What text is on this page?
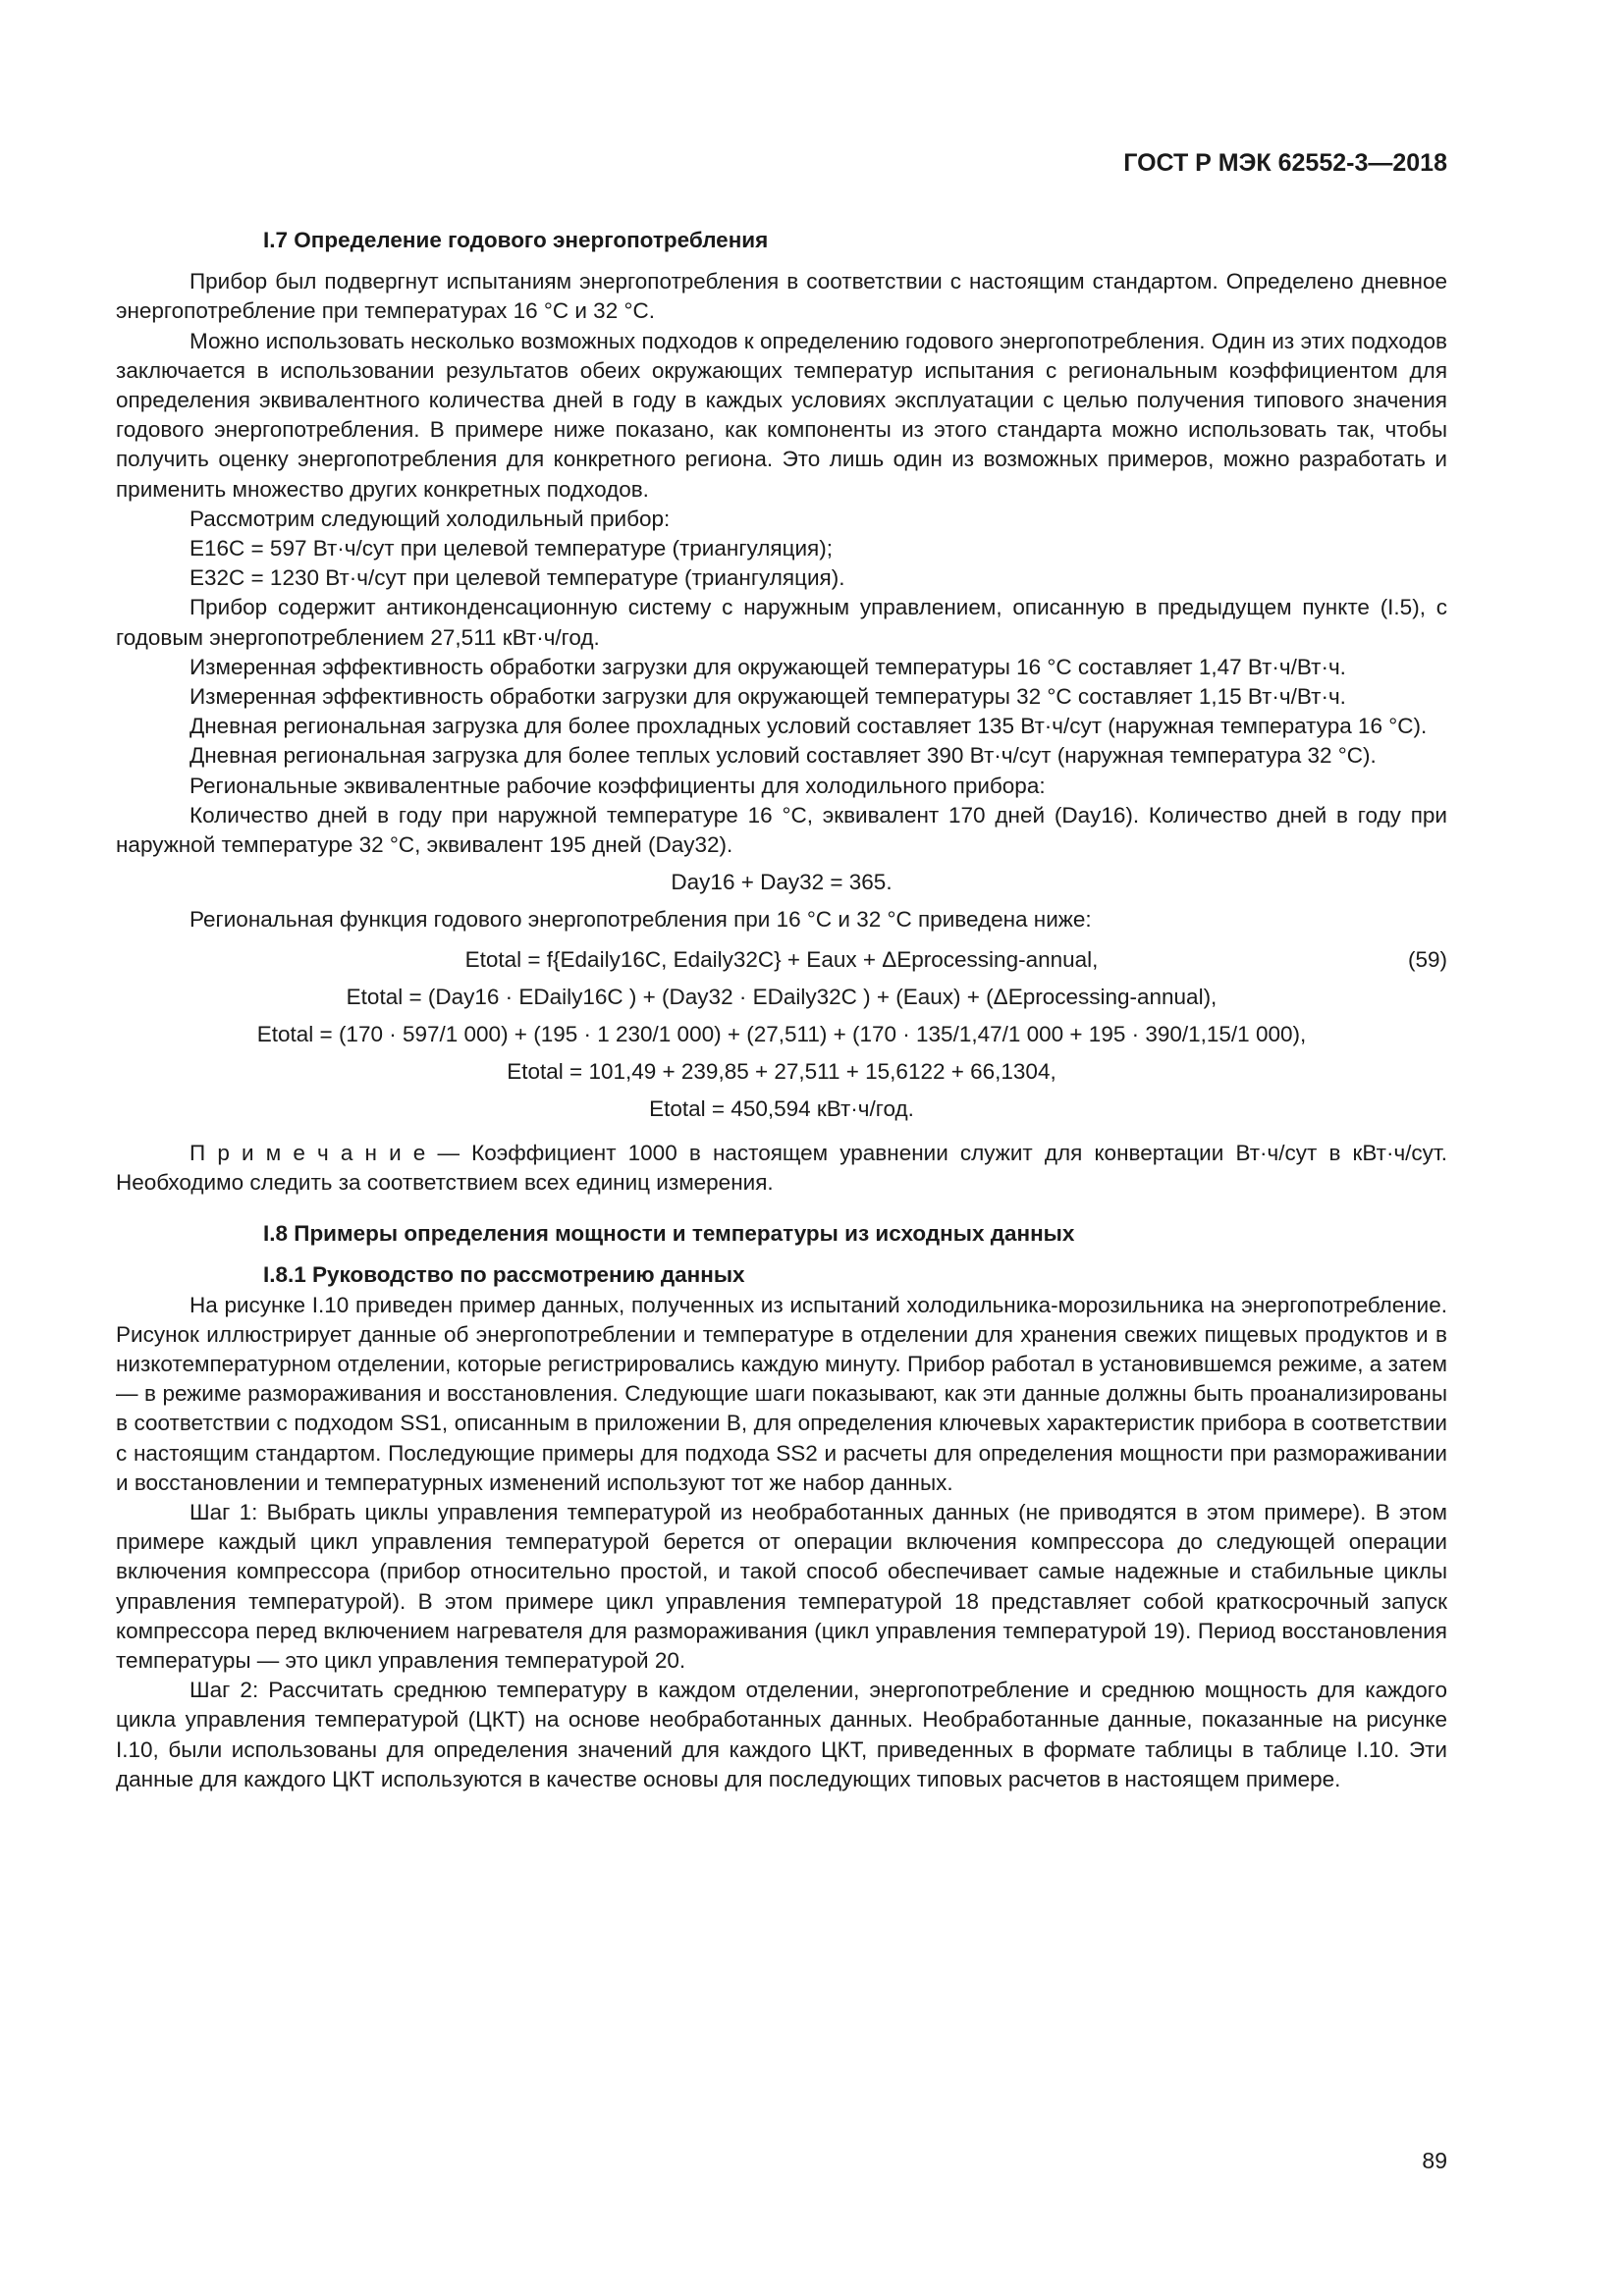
ГОСТ Р МЭК 62552-3—2018

I.7 Определение годового энергопотребления

Прибор был подвергнут испытаниям энергопотребления в соответствии с настоящим стандартом. Определено дневное энергопотребление при температурах 16 °С и 32 °С.

Можно использовать несколько возможных подходов к определению годового энергопотребления. Один из этих подходов заключается в использовании результатов обеих окружающих температур испытания с региональным коэффициентом для определения эквивалентного количества дней в году в каждых условиях эксплуатации с целью получения типового значения годового энергопотребления. В примере ниже показано, как компоненты из этого стандарта можно использовать так, чтобы получить оценку энергопотребления для конкретного региона. Это лишь один из возможных примеров, можно разработать и применить множество других конкретных подходов.

Рассмотрим следующий холодильный прибор:

E16C = 597 Вт·ч/сут при целевой температуре (триангуляция);

E32C = 1230 Вт·ч/сут при целевой температуре (триангуляция).

Прибор содержит антиконденсационную систему с наружным управлением, описанную в предыдущем пункте (I.5), с годовым энергопотреблением 27,511 кВт·ч/год.

Измеренная эффективность обработки загрузки для окружающей температуры 16 °С составляет 1,47 Вт·ч/Вт·ч.

Измеренная эффективность обработки загрузки для окружающей температуры 32 °С составляет 1,15 Вт·ч/Вт·ч.

Дневная региональная загрузка для более прохладных условий составляет 135 Вт·ч/сут (наружная температура 16 °С).

Дневная региональная загрузка для более теплых условий составляет 390 Вт·ч/сут (наружная температура 32 °С).

Региональные эквивалентные рабочие коэффициенты для холодильного прибора:

Количество дней в году при наружной температуре 16 °С, эквивалент 170 дней (Day16). Количество дней в году при наружной температуре 32 °С, эквивалент 195 дней (Day32).

Day16 + Day32 = 365.

Региональная функция годового энергопотребления при 16 °С и 32 °С приведена ниже:

Etotal = f{Edaily16C, Edaily32C} + Eaux + ΔEprocessing-annual,	(59)

Etotal = (Day16 · EDaily16C ) + (Day32 · EDaily32C ) + (Eaux) + (ΔEprocessing-annual),

Etotal = (170 · 597/1 000) + (195 · 1 230/1 000) + (27,511) + (170 · 135/1,47/1 000 + 195 · 390/1,15/1 000),

Etotal = 101,49 + 239,85 + 27,511 + 15,6122 + 66,1304,

Etotal = 450,594 кВт·ч/год.

П р и м е ч а н и е — Коэффициент 1000 в настоящем уравнении служит для конвертации Вт·ч/сут в кВт·ч/сут. Необходимо следить за соответствием всех единиц измерения.

I.8 Примеры определения мощности и температуры из исходных данных

I.8.1 Руководство по рассмотрению данных

На рисунке I.10 приведен пример данных, полученных из испытаний холодильника-морозильника на энергопотребление. Рисунок иллюстрирует данные об энергопотреблении и температуре в отделении для хранения свежих пищевых продуктов и в низкотемпературном отделении, которые регистрировались каждую минуту. Прибор работал в установившемся режиме, а затем — в режиме размораживания и восстановления. Следующие шаги показывают, как эти данные должны быть проанализированы в соответствии с подходом SS1, описанным в приложении В, для определения ключевых характеристик прибора в соответствии с настоящим стандартом. Последующие примеры для подхода SS2 и расчеты для определения мощности при размораживании и восстановлении и температурных изменений используют тот же набор данных.

Шаг 1: Выбрать циклы управления температурой из необработанных данных (не приводятся в этом примере). В этом примере каждый цикл управления температурой берется от операции включения компрессора до следующей операции включения компрессора (прибор относительно простой, и такой способ обеспечивает самые надежные и стабильные циклы управления температурой). В этом примере цикл управления температурой 18 представляет собой краткосрочный запуск компрессора перед включением нагревателя для размораживания (цикл управления температурой 19). Период восстановления температуры — это цикл управления температурой 20.

Шаг 2: Рассчитать среднюю температуру в каждом отделении, энергопотребление и среднюю мощность для каждого цикла управления температурой (ЦКТ) на основе необработанных данных. Необработанные данные, показанные на рисунке I.10, были использованы для определения значений для каждого ЦКТ, приведенных в формате таблицы в таблице I.10. Эти данные для каждого ЦКТ используются в качестве основы для последующих типовых расчетов в настоящем примере.

89
